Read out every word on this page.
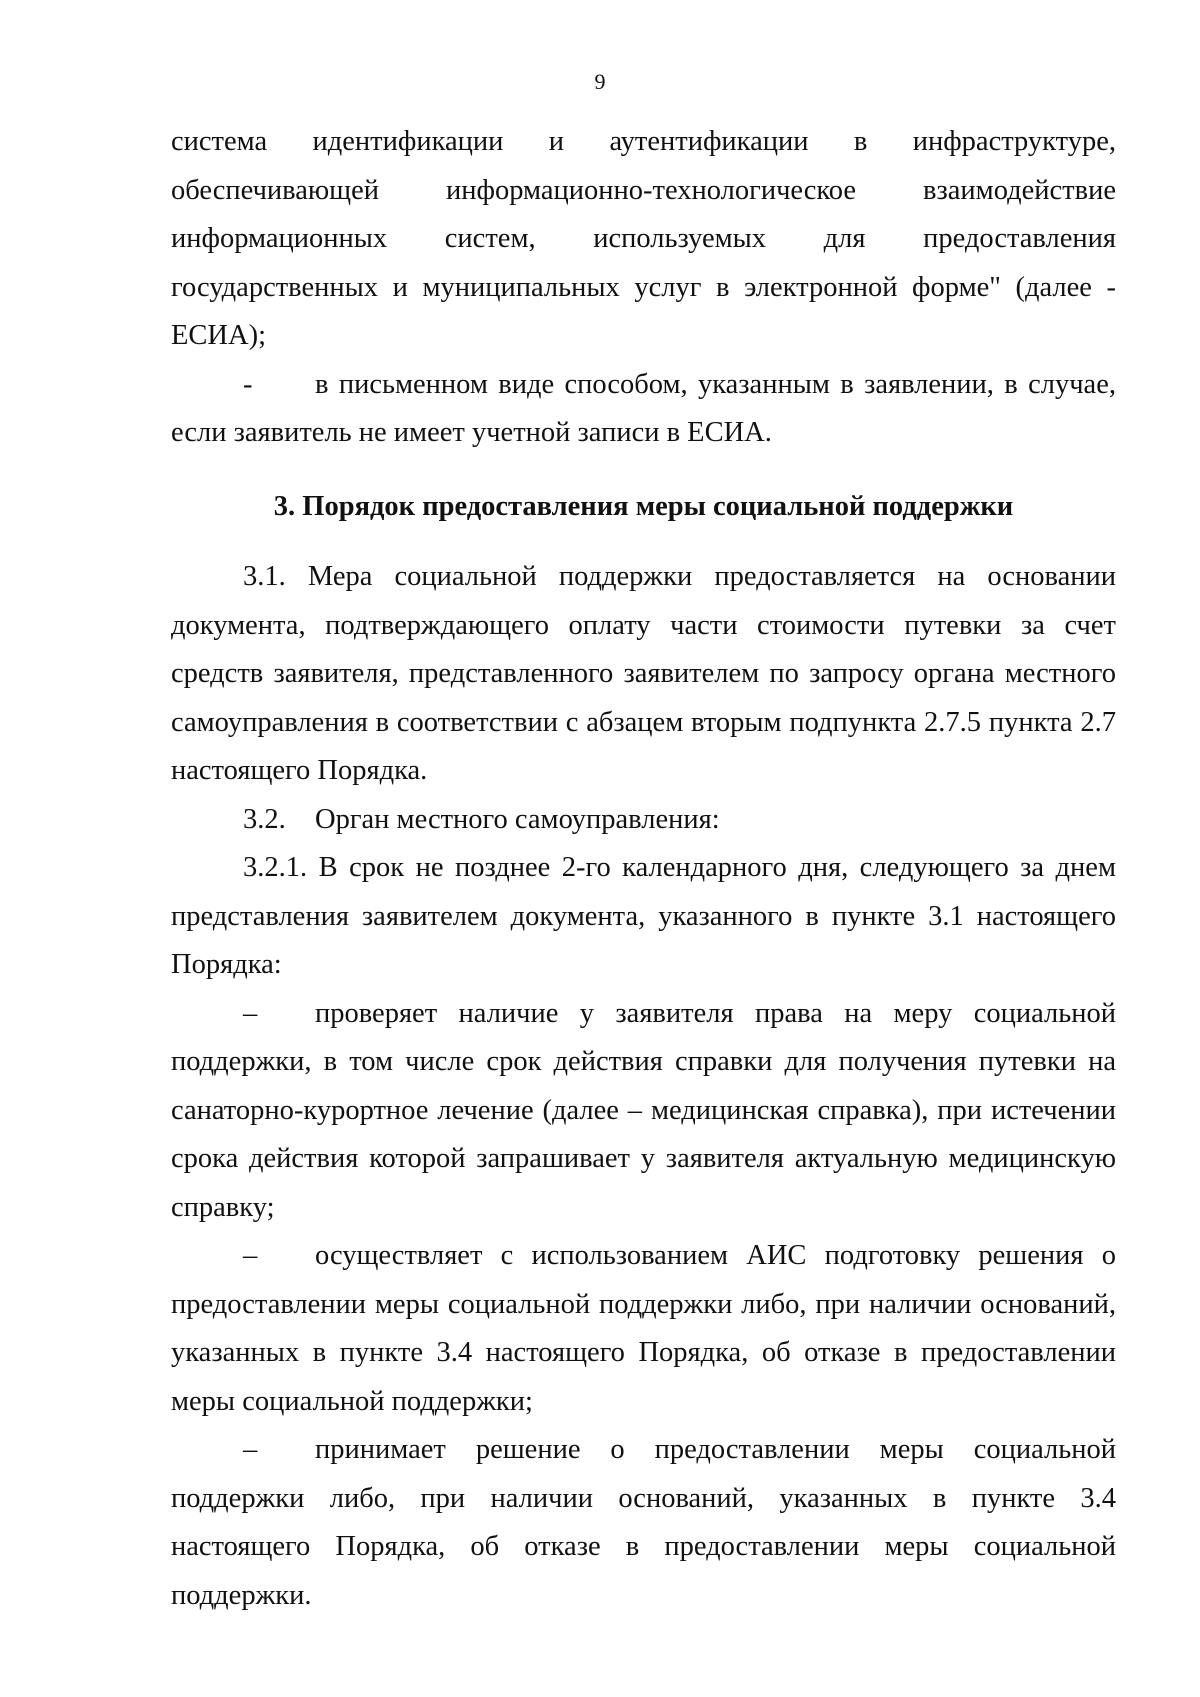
9

система идентификации и аутентификации в инфраструктуре, обеспечивающей информационно-технологическое взаимодействие информационных систем, используемых для предоставления государственных и муниципальных услуг в электронной форме" (далее - ЕСИА);

- в письменном виде способом, указанным в заявлении, в случае, если заявитель не имеет учетной записи в ЕСИА.

3. Порядок предоставления меры социальной поддержки

3.1. Мера социальной поддержки предоставляется на основании документа, подтверждающего оплату части стоимости путевки за счет средств заявителя, представленного заявителем по запросу органа местного самоуправления в соответствии с абзацем вторым подпункта 2.7.5 пункта 2.7 настоящего Порядка.

3.2. Орган местного самоуправления:

3.2.1. В срок не позднее 2-го календарного дня, следующего за днем представления заявителем документа, указанного в пункте 3.1 настоящего Порядка:

– проверяет наличие у заявителя права на меру социальной поддержки, в том числе срок действия справки для получения путевки на санаторно-курортное лечение (далее – медицинская справка), при истечении срока действия которой запрашивает у заявителя актуальную медицинскую справку;

– осуществляет с использованием АИС подготовку решения о предоставлении меры социальной поддержки либо, при наличии оснований, указанных в пункте 3.4 настоящего Порядка, об отказе в предоставлении меры социальной поддержки;

– принимает решение о предоставлении меры социальной поддержки либо, при наличии оснований, указанных в пункте 3.4 настоящего Порядка, об отказе в предоставлении меры социальной поддержки.
